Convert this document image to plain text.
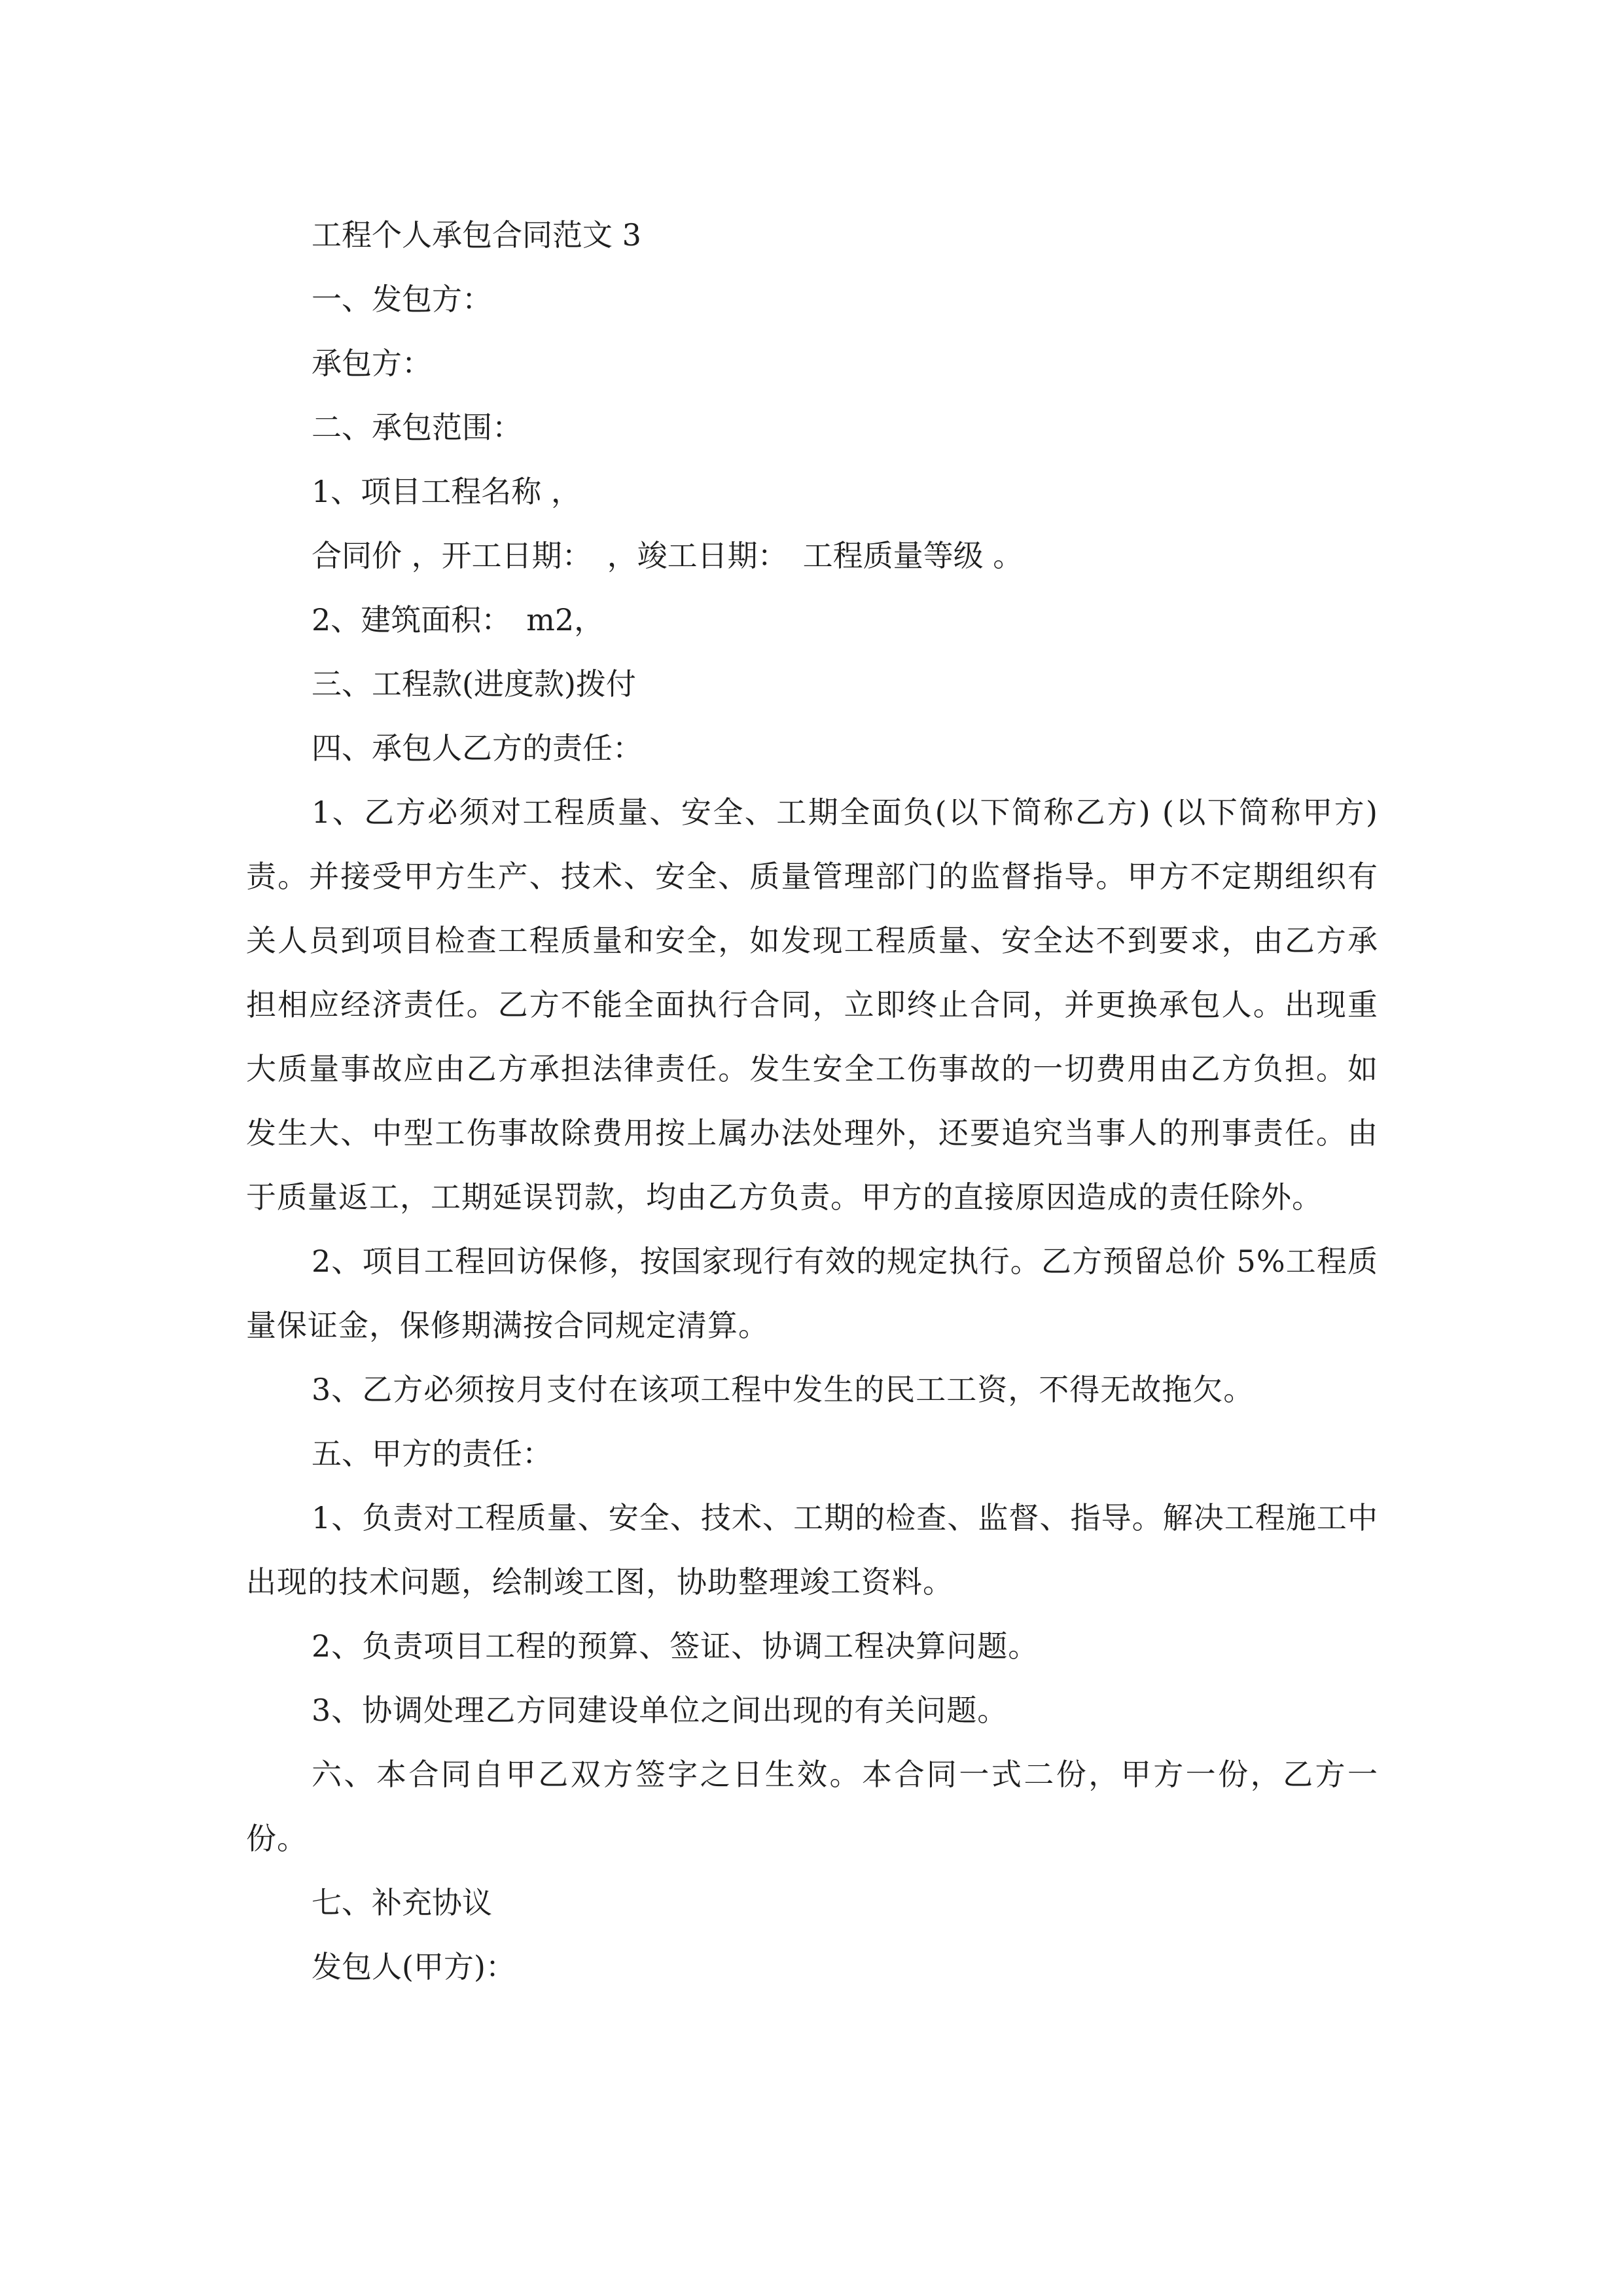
工程个人承包合同范文 3

一、发包方：

承包方：

二、承包范围：

1、项目工程名称 ，

合同价 ，开工日期：　，竣工日期：　工程质量等级 。

2、建筑面积：　m2，

三、工程款(进度款)拨付

四、承包人乙方的责任：

1、乙方必须对工程质量、安全、工期全面负(以下简称乙方) (以下简称甲方)责。并接受甲方生产、技术、安全、质量管理部门的监督指导。甲方不定期组织有关人员到项目检查工程质量和安全，如发现工程质量、安全达不到要求，由乙方承担相应经济责任。乙方不能全面执行合同，立即终止合同，并更换承包人。出现重大质量事故应由乙方承担法律责任。发生安全工伤事故的一切费用由乙方负担。如发生大、中型工伤事故除费用按上属办法处理外，还要追究当事人的刑事责任。由于质量返工，工期延误罚款，均由乙方负责。甲方的直接原因造成的责任除外。

2、项目工程回访保修，按国家现行有效的规定执行。乙方预留总价 5%工程质量保证金，保修期满按合同规定清算。

3、乙方必须按月支付在该项工程中发生的民工工资，不得无故拖欠。

五、甲方的责任：

1、负责对工程质量、安全、技术、工期的检查、监督、指导。解决工程施工中出现的技术问题，绘制竣工图，协助整理竣工资料。

2、负责项目工程的预算、签证、协调工程决算问题。

3、协调处理乙方同建设单位之间出现的有关问题。

六、本合同自甲乙双方签字之日生效。本合同一式二份，甲方一份，乙方一份。

七、补充协议

发包人(甲方)：
